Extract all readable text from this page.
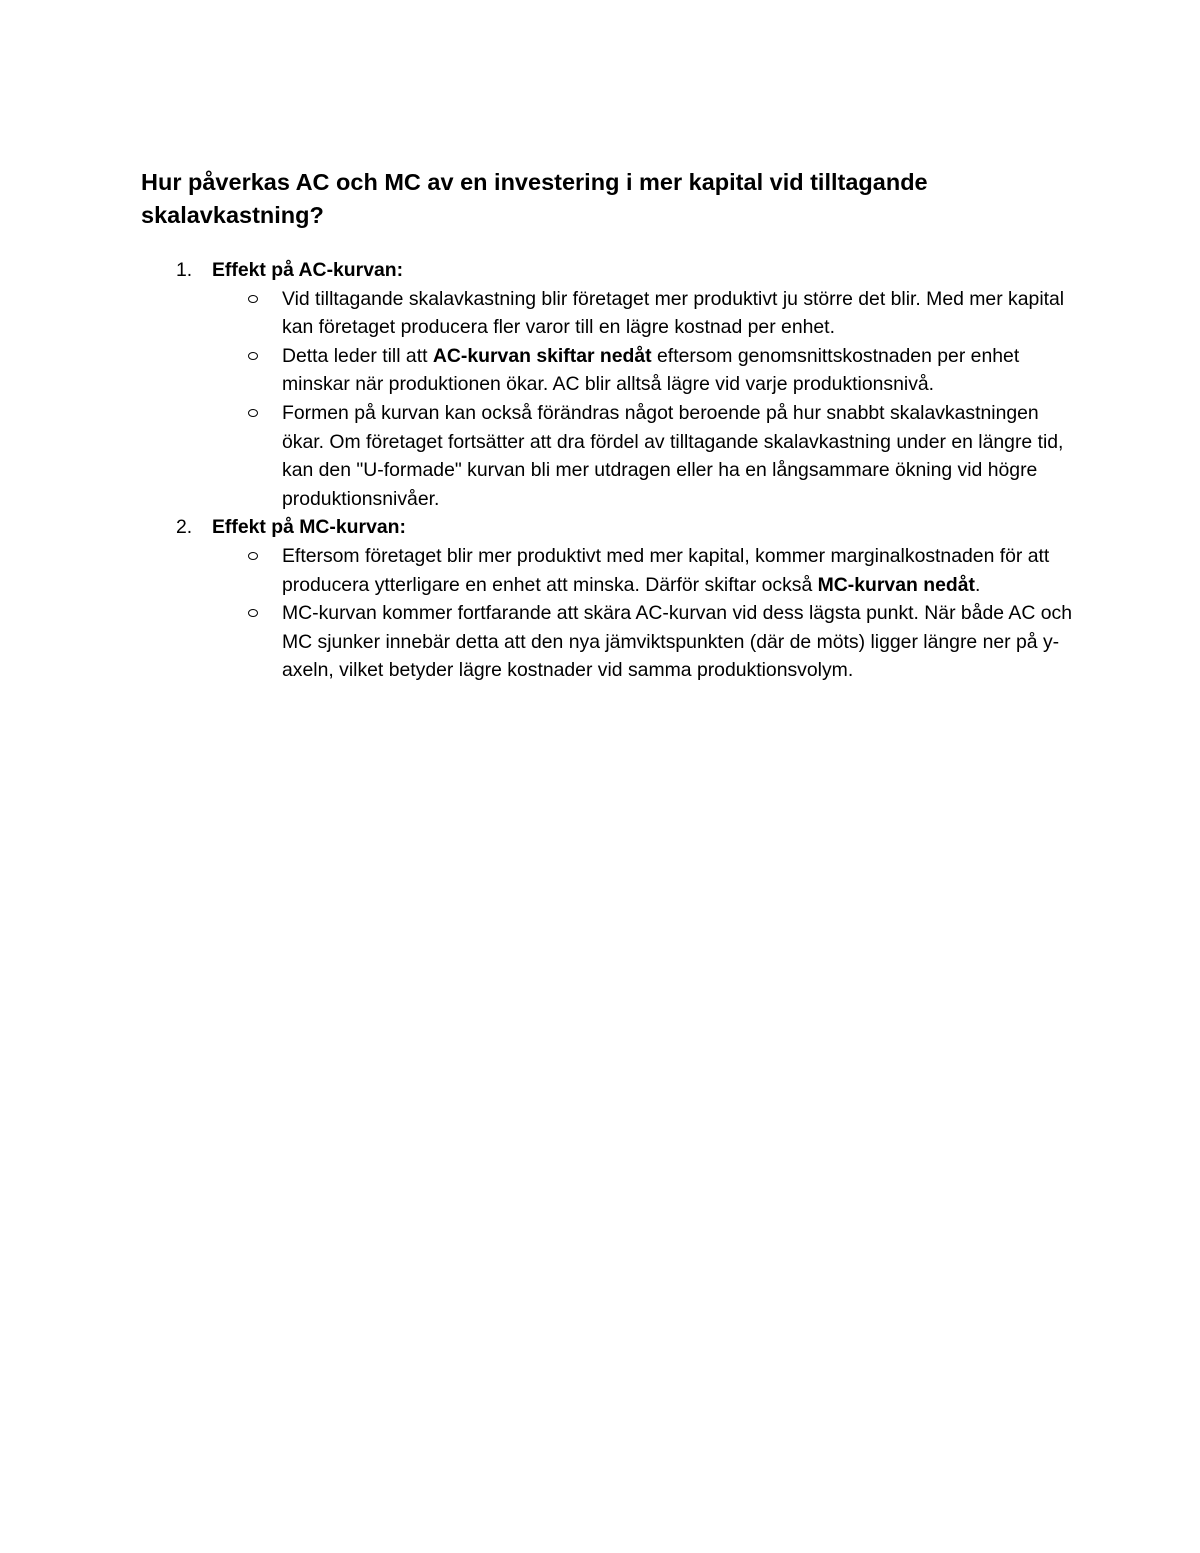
Hur påverkas AC och MC av en investering i mer kapital vid tilltagande skalavkastning?
1. Effekt på AC-kurvan:
Vid tilltagande skalavkastning blir företaget mer produktivt ju större det blir. Med mer kapital kan företaget producera fler varor till en lägre kostnad per enhet.
Detta leder till att AC-kurvan skiftar nedåt eftersom genomsnittskostnaden per enhet minskar när produktionen ökar. AC blir alltså lägre vid varje produktionsnivå.
Formen på kurvan kan också förändras något beroende på hur snabbt skalavkastningen ökar. Om företaget fortsätter att dra fördel av tilltagande skalavkastning under en längre tid, kan den "U-formade" kurvan bli mer utdragen eller ha en långsammare ökning vid högre produktionsnivåer.
2. Effekt på MC-kurvan:
Eftersom företaget blir mer produktivt med mer kapital, kommer marginalkostnaden för att producera ytterligare en enhet att minska. Därför skiftar också MC-kurvan nedåt.
MC-kurvan kommer fortfarande att skära AC-kurvan vid dess lägsta punkt. När både AC och MC sjunker innebär detta att den nya jämviktspunkten (där de möts) ligger längre ner på y-axeln, vilket betyder lägre kostnader vid samma produktionsvolym.
